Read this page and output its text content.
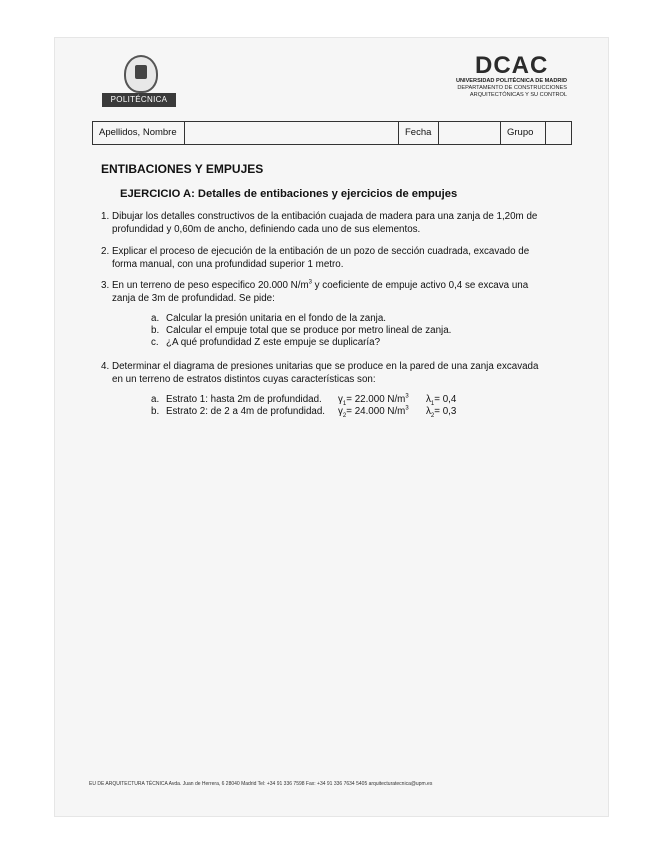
POLITÉCNICA
DCAC
UNIVERSIDAD POLITÉCNICA DE MADRID
DEPARTAMENTO DE CONSTRUCCIONES
ARQUITECTÓNICAS Y SU CONTROL
Apellidos, Nombre	Fecha	Grupo
ENTIBACIONES Y EMPUJES
EJERCICIO A: Detalles de entibaciones y ejercicios de empujes
1. Dibujar los detalles constructivos de la entibación cuajada de madera para una zanja de 1,20m de
profundidad y 0,60m de ancho, definiendo cada uno de sus elementos.
2. Explicar el proceso de ejecución de la entibación de un pozo de sección cuadrada, excavado de
forma manual, con una profundidad superior 1 metro.
3. En un terreno de peso especifico 20.000 $N/m^3$ y coeficiente de empuje activo 0,4 se excava una
zanja de 3m de profundidad. Se pide:
a. Calcular la presión unitaria en el fondo de la zanja.
b. Calcular el empuje total que se produce por metro lineal de zanja.
c. ¿A qué profundidad Z este empuje se duplicaría?
4. Determinar el diagrama de presiones unitarias que se produce en la pared de una zanja excavada
en un terreno de estratos distintos cuyas características son:
a. Estrato 1: hasta 2m de profundidad. $\gamma_1= 22.000$ $N/m^3$ $\lambda_1= 0,4$
b. Estrato 2: de 2 a 4m de profundidad. $\gamma_2= 24.000$ $N/m^3$ $\lambda_2= 0,3$
EU DE ARQUITECTURA TÉCNICA Avda. Juan de Herrera, 6 28040 Madrid Tel: +34 91 336 7598 Fax: +34 91 336 7634 5405 arquitecturatecnica@upm.es
